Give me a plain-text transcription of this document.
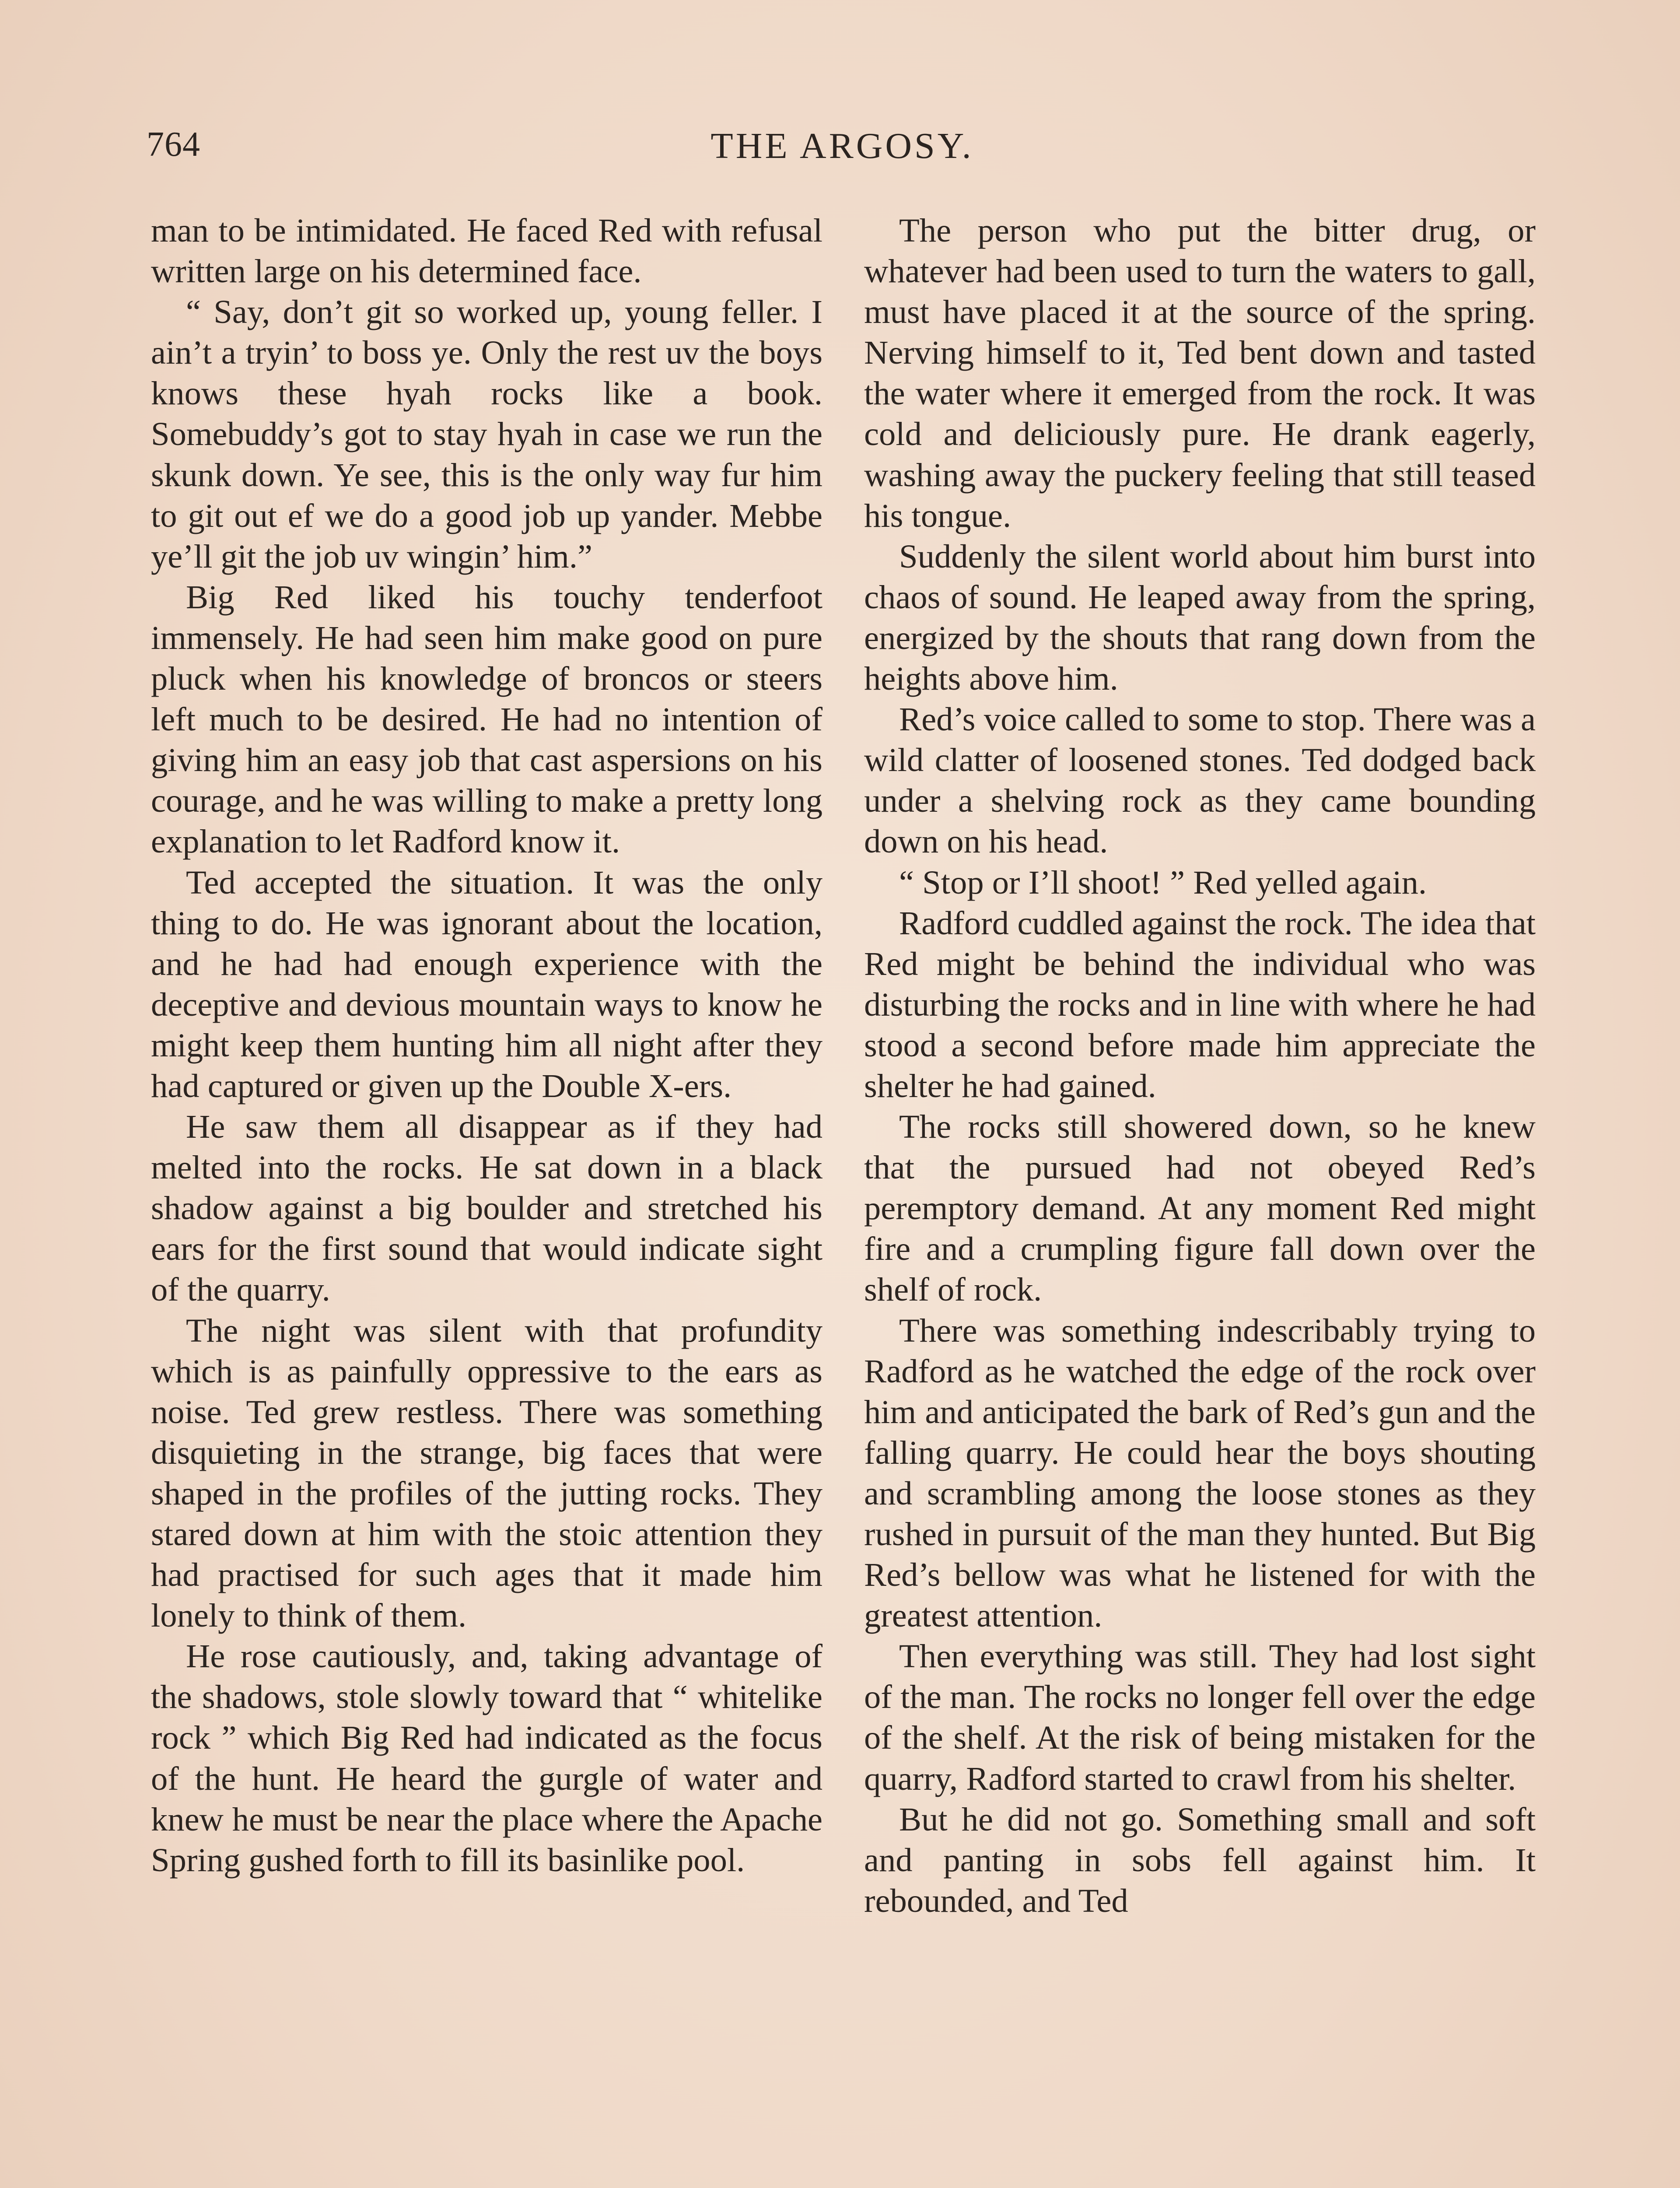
764	THE ARGOSY.

man to be intimidated. He faced Red with refusal written large on his determined face.

“ Say, don’t git so worked up, young feller. I ain’t a tryin’ to boss ye. Only the rest uv the boys knows these hyah rocks like a book. Somebuddy’s got to stay hyah in case we run the skunk down. Ye see, this is the only way fur him to git out ef we do a good job up yander. Mebbe ye’ll git the job uv wingin’ him.”

Big Red liked his touchy tenderfoot immensely. He had seen him make good on pure pluck when his knowledge of broncos or steers left much to be desired. He had no intention of giving him an easy job that cast aspersions on his courage, and he was willing to make a pretty long explanation to let Radford know it.

Ted accepted the situation. It was the only thing to do. He was ignorant about the location, and he had had enough experience with the deceptive and devious mountain ways to know he might keep them hunting him all night after they had captured or given up the Double X-ers.

He saw them all disappear as if they had melted into the rocks. He sat down in a black shadow against a big boulder and stretched his ears for the first sound that would indicate sight of the quarry.

The night was silent with that profundity which is as painfully oppressive to the ears as noise. Ted grew restless. There was something disquieting in the strange, big faces that were shaped in the profiles of the jutting rocks. They stared down at him with the stoic attention they had practised for such ages that it made him lonely to think of them.

He rose cautiously, and, taking advantage of the shadows, stole slowly toward that “ whitelike rock ” which Big Red had indicated as the focus of the hunt. He heard the gurgle of water and knew he must be near the place where the Apache Spring gushed forth to fill its basinlike pool.

The person who put the bitter drug, or whatever had been used to turn the waters to gall, must have placed it at the source of the spring. Nerving himself to it, Ted bent down and tasted the water where it emerged from the rock. It was cold and deliciously pure. He drank eagerly, washing away the puckery feeling that still teased his tongue.

Suddenly the silent world about him burst into chaos of sound. He leaped away from the spring, energized by the shouts that rang down from the heights above him.

Red’s voice called to some to stop. There was a wild clatter of loosened stones. Ted dodged back under a shelving rock as they came bounding down on his head.

“ Stop or I’ll shoot! ” Red yelled again.

Radford cuddled against the rock. The idea that Red might be behind the individual who was disturbing the rocks and in line with where he had stood a second before made him appreciate the shelter he had gained.

The rocks still showered down, so he knew that the pursued had not obeyed Red’s peremptory demand. At any moment Red might fire and a crumpling figure fall down over the shelf of rock.

There was something indescribably trying to Radford as he watched the edge of the rock over him and anticipated the bark of Red’s gun and the falling quarry. He could hear the boys shouting and scrambling among the loose stones as they rushed in pursuit of the man they hunted. But Big Red’s bellow was what he listened for with the greatest attention.

Then everything was still. They had lost sight of the man. The rocks no longer fell over the edge of the shelf. At the risk of being mistaken for the quarry, Radford started to crawl from his shelter.

But he did not go. Something small and soft and panting in sobs fell against him. It rebounded, and Ted
